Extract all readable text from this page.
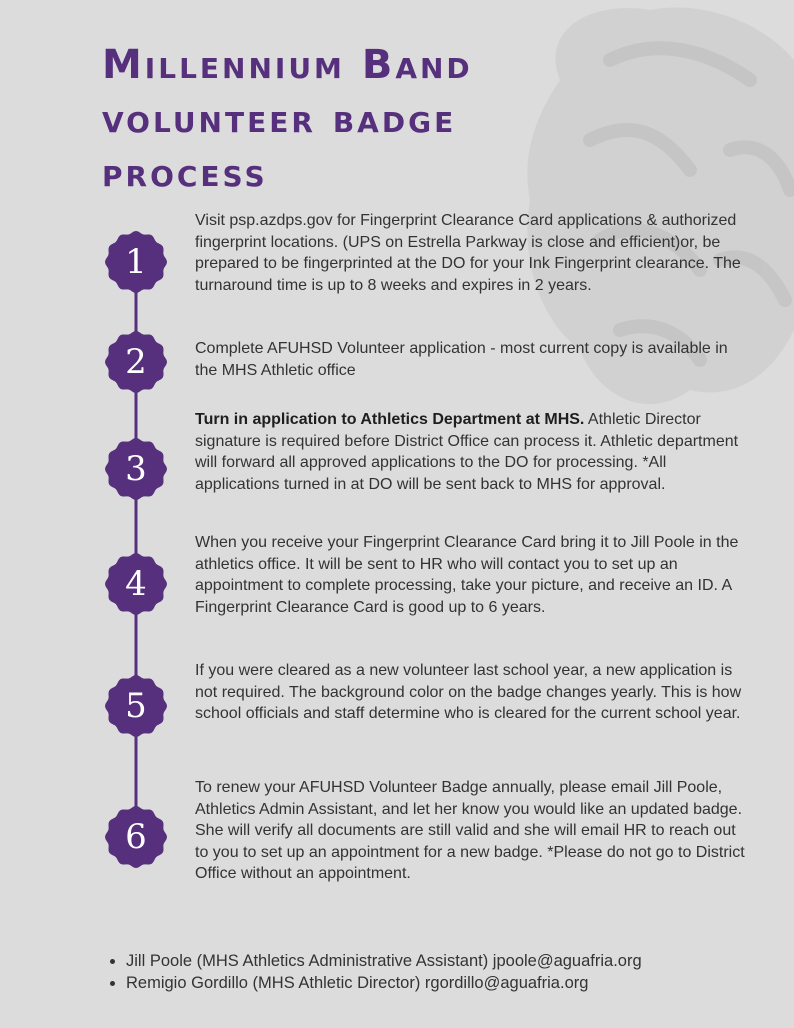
Millennium Band
volunteer badge
process
1
2
3
4
5
6
Visit psp.azdps.gov for Fingerprint Clearance Card applications & authorized fingerprint locations. (UPS on Estrella Parkway is close and efficient)or, be prepared to be fingerprinted at the DO for your Ink Fingerprint clearance. The turnaround time is up to 8 weeks and expires in 2 years.
Complete AFUHSD Volunteer application - most current copy is available in the MHS Athletic office
Turn in application to Athletics Department at MHS. Athletic Director signature is required before District Office can process it. Athletic department will forward all approved applications to the DO for processing. *All applications turned in at DO will be sent back to MHS for approval.
When you receive your Fingerprint Clearance Card bring it to Jill Poole in the athletics office. It will be sent to HR who will contact you to set up an appointment to complete processing, take your picture, and receive an ID. A Fingerprint Clearance Card is good up to 6 years.
If you were cleared as a new volunteer last school year, a new application is not required. The background color on the badge changes yearly. This is how school officials and staff determine who is cleared for the current school year.
To renew your AFUHSD Volunteer Badge annually, please email Jill Poole, Athletics Admin Assistant, and let her know you would like an updated badge. She will verify all documents are still valid and she will email HR to reach out to you to set up an appointment for a new badge. *Please do not go to District Office without an appointment.
• Jill Poole (MHS Athletics Administrative Assistant) jpoole@aguafria.org
• Remigio Gordillo (MHS Athletic Director) rgordillo@aguafria.org
